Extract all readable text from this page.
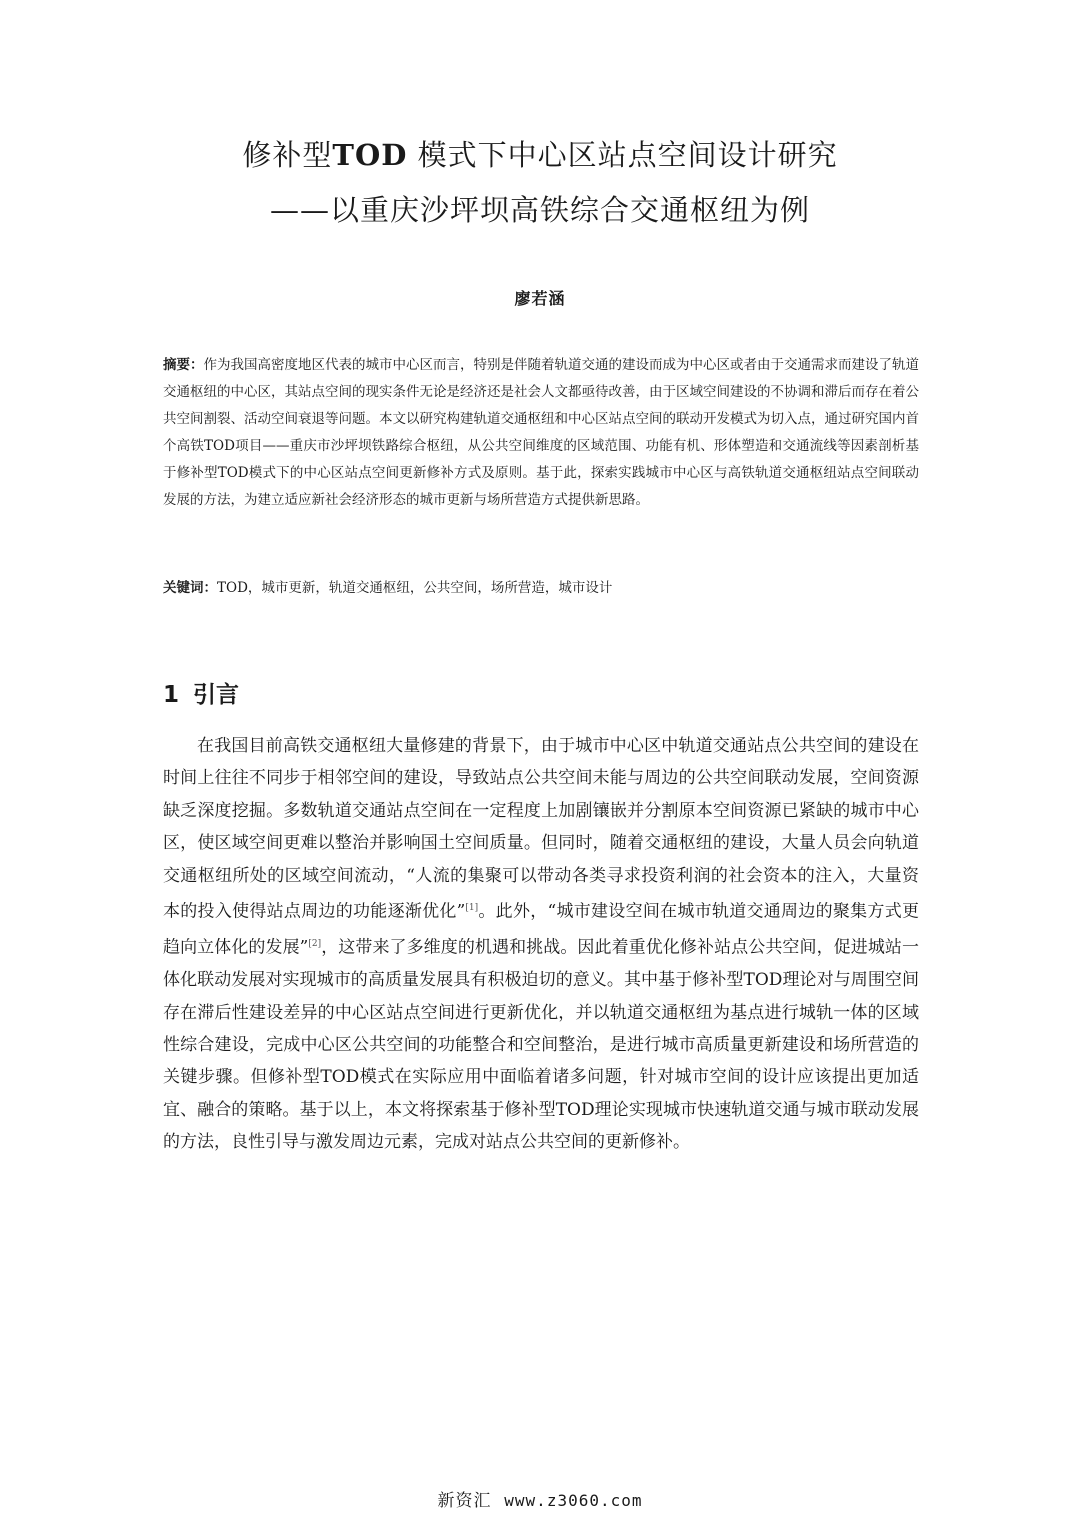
修补型TOD 模式下中心区站点空间设计研究
——以重庆沙坪坝高铁综合交通枢纽为例
廖若涵
摘要：作为我国高密度地区代表的城市中心区而言，特别是伴随着轨道交通的建设而成为中心区或者由于交通需求而建设了轨道交通枢纽的中心区，其站点空间的现实条件无论是经济还是社会人文都亟待改善，由于区域空间建设的不协调和滞后而存在着公共空间割裂、活动空间衰退等问题。本文以研究构建轨道交通枢纽和中心区站点空间的联动开发模式为切入点，通过研究国内首个高铁TOD项目——重庆市沙坪坝铁路综合枢纽，从公共空间维度的区域范围、功能有机、形体塑造和交通流线等因素剖析基于修补型TOD模式下的中心区站点空间更新修补方式及原则。基于此，探索实践城市中心区与高铁轨道交通枢纽站点空间联动发展的方法，为建立适应新社会经济形态的城市更新与场所营造方式提供新思路。
关键词：TOD，城市更新，轨道交通枢纽，公共空间，场所营造，城市设计
1 引言

在我国目前高铁交通枢纽大量修建的背景下，由于城市中心区中轨道交通站点公共空间的建设在时间上往往不同步于相邻空间的建设，导致站点公共空间未能与周边的公共空间联动发展，空间资源缺乏深度挖掘。多数轨道交通站点空间在一定程度上加剧镶嵌并分割原本空间资源已紧缺的城市中心区，使区域空间更难以整治并影响国土空间质量。但同时，随着交通枢纽的建设，大量人员会向轨道交通枢纽所处的区域空间流动，“人流的集聚可以带动各类寻求投资利润的社会资本的注入，大量资本的投入使得站点周边的功能逐渐优化”[1]。此外，“城市建设空间在城市轨道交通周边的聚集方式更趋向立体化的发展”[2]，这带来了多维度的机遇和挑战。因此着重优化修补站点公共空间，促进城站一体化联动发展对实现城市的高质量发展具有积极迫切的意义。其中基于修补型TOD理论对与周围空间存在滞后性建设差异的中心区站点空间进行更新优化，并以轨道交通枢纽为基点进行城轨一体的区域性综合建设，完成中心区公共空间的功能整合和空间整治，是进行城市高质量更新建设和场所营造的关键步骤。但修补型TOD模式在实际应用中面临着诸多问题，针对城市空间的设计应该提出更加适宜、融合的策略。基于以上，本文将探索基于修补型TOD理论实现城市快速轨道交通与城市联动发展的方法，良性引导与激发周边元素，完成对站点公共空间的更新修补。

新资汇 www.z3060.com
